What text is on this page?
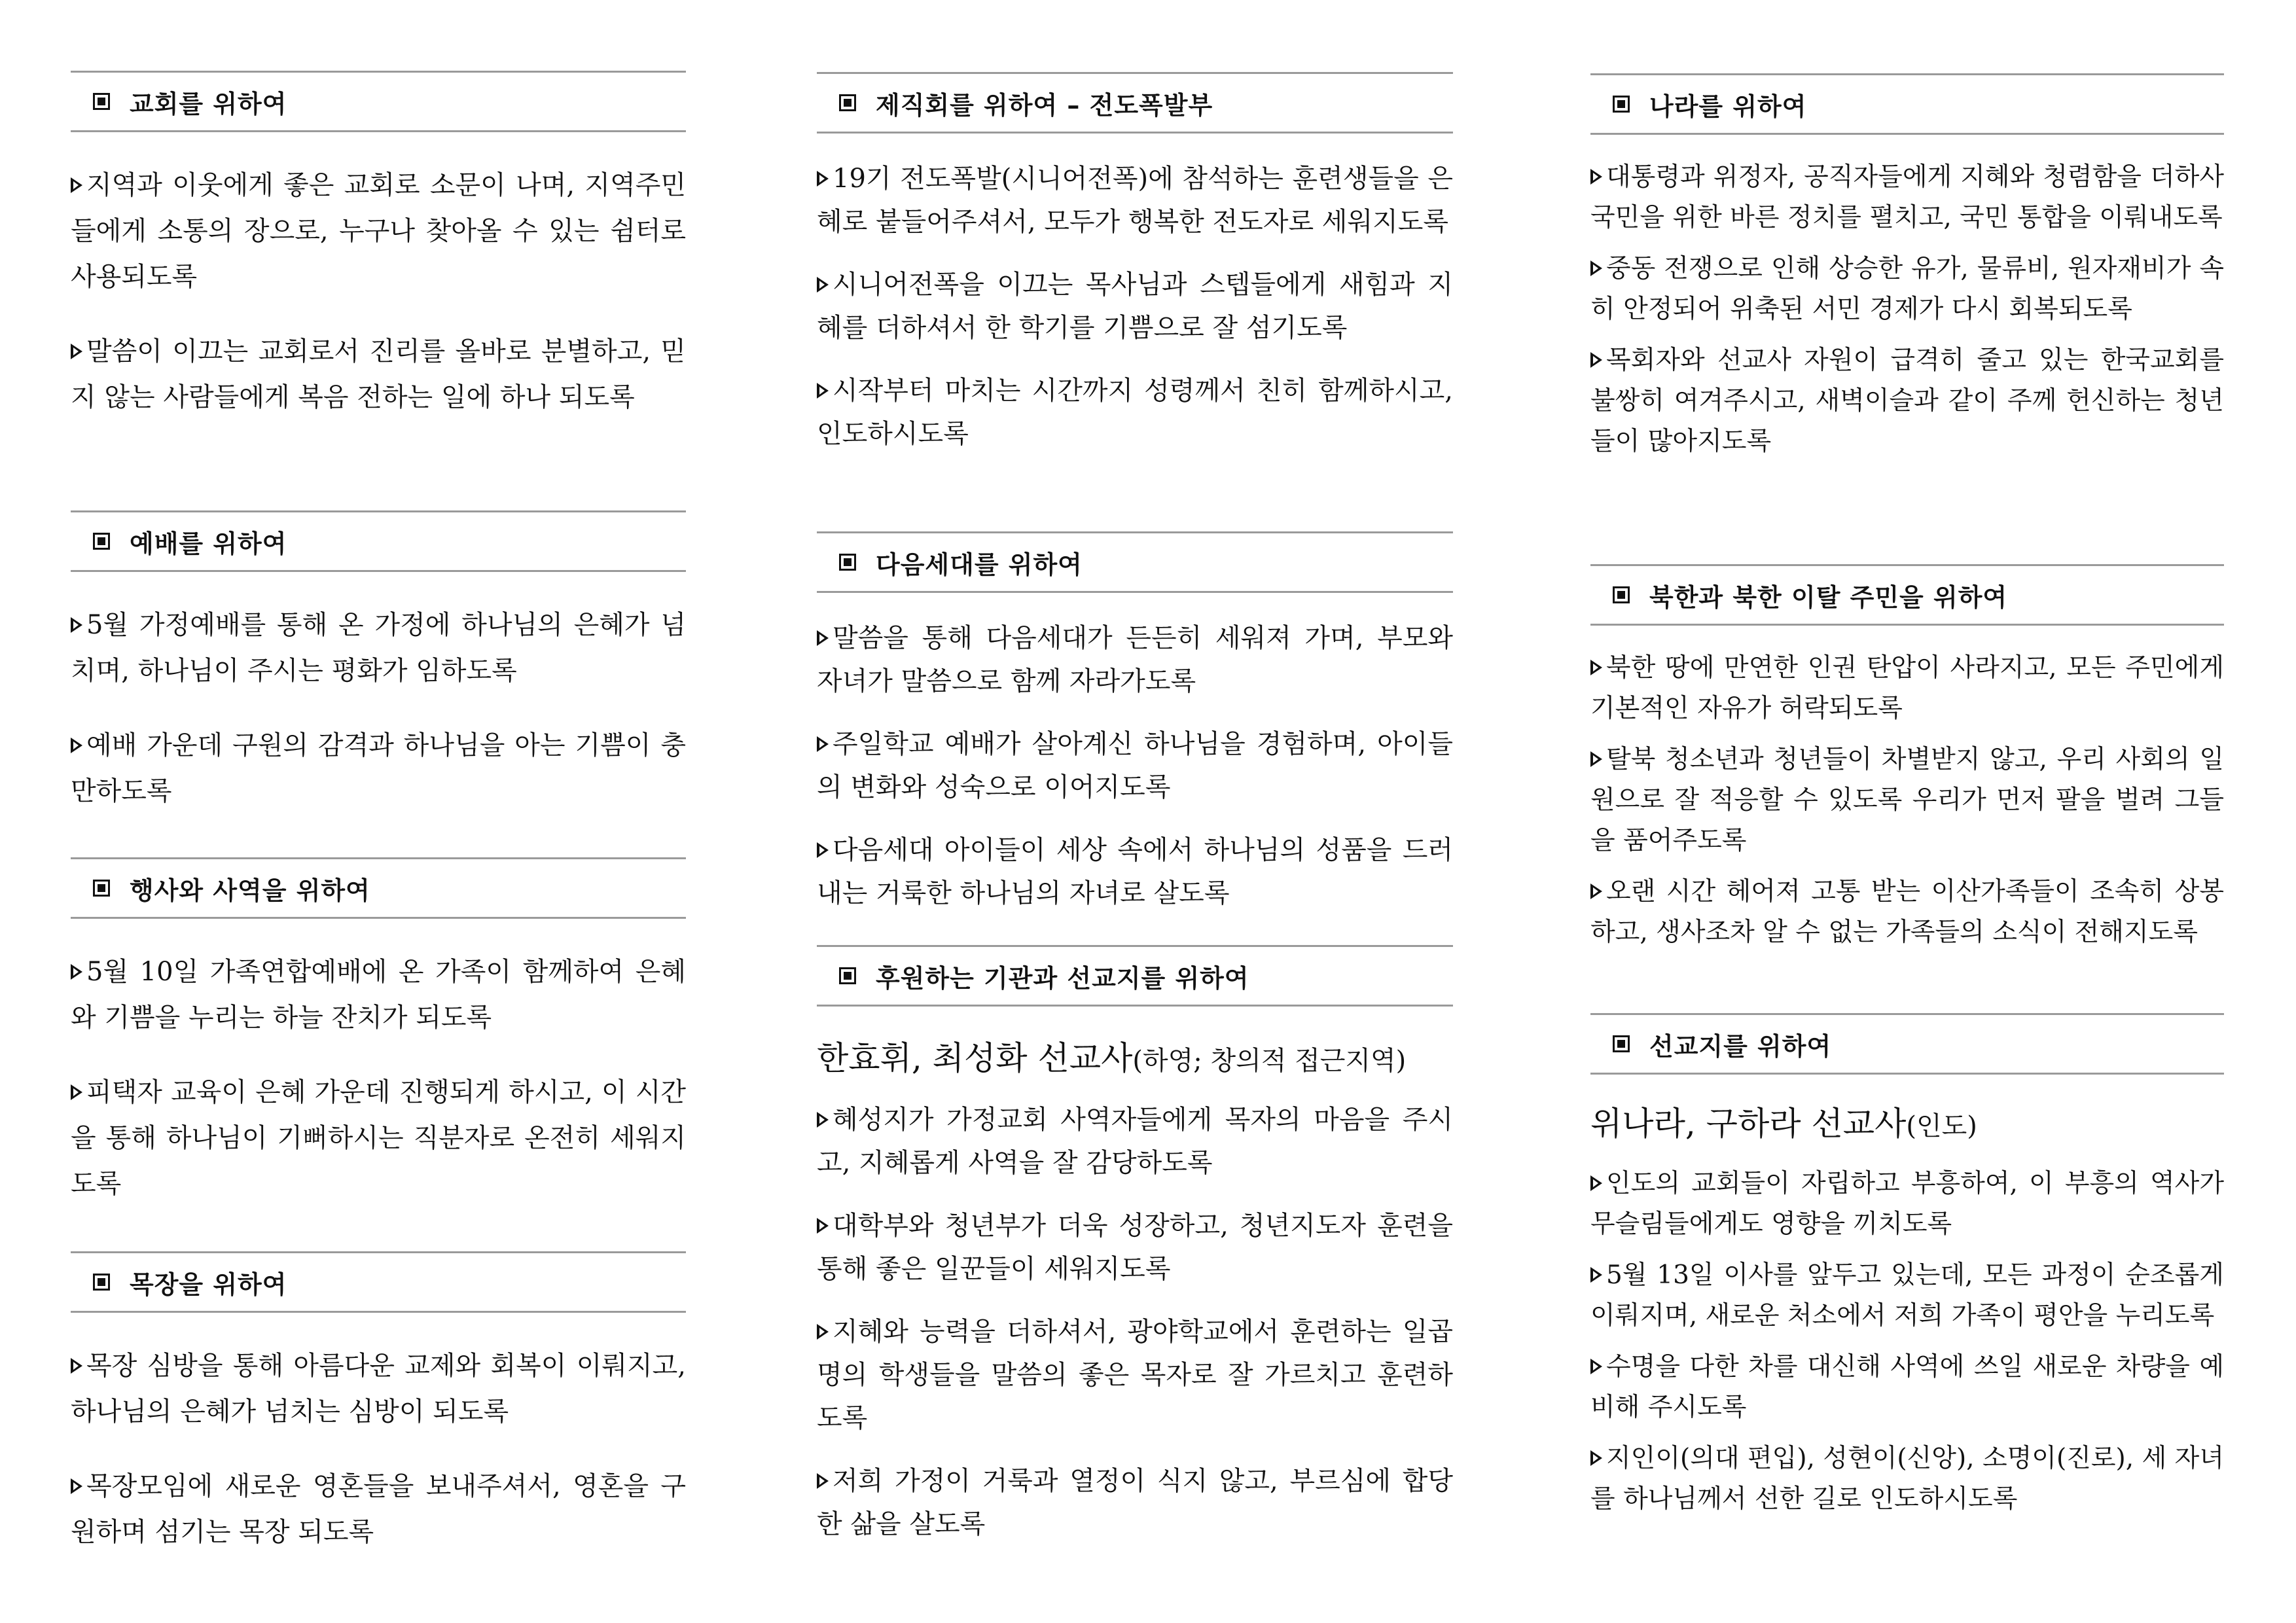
교회를 위하여

지역과 이웃에게 좋은 교회로 소문이 나며, 지역주민들에게 소통의 장으로, 누구나 찾아올 수 있는 쉼터로 사용되도록

말씀이 이끄는 교회로서 진리를 올바로 분별하고, 믿지 않는 사람들에게 복음 전하는 일에 하나 되도록

예배를 위하여

5월 가정예배를 통해 온 가정에 하나님의 은혜가 넘치며, 하나님이 주시는 평화가 임하도록

예배 가운데 구원의 감격과 하나님을 아는 기쁨이 충만하도록

행사와 사역을 위하여

5월 10일 가족연합예배에 온 가족이 함께하여 은혜와 기쁨을 누리는 하늘 잔치가 되도록

피택자 교육이 은혜 가운데 진행되게 하시고, 이 시간을 통해 하나님이 기뻐하시는 직분자로 온전히 세워지도록

목장을 위하여

목장 심방을 통해 아름다운 교제와 회복이 이뤄지고, 하나님의 은혜가 넘치는 심방이 되도록

목장모임에 새로운 영혼들을 보내주셔서, 영혼을 구원하며 섬기는 목장 되도록

제직회를 위하여 – 전도폭발부

19기 전도폭발(시니어전폭)에 참석하는 훈련생들을 은혜로 붙들어주셔서, 모두가 행복한 전도자로 세워지도록

시니어전폭을 이끄는 목사님과 스텝들에게 새힘과 지혜를 더하셔서 한 학기를 기쁨으로 잘 섬기도록

시작부터 마치는 시간까지 성령께서 친히 함께하시고, 인도하시도록

다음세대를 위하여

말씀을 통해 다음세대가 든든히 세워져 가며, 부모와 자녀가 말씀으로 함께 자라가도록

주일학교 예배가 살아계신 하나님을 경험하며, 아이들의 변화와 성숙으로 이어지도록

다음세대 아이들이 세상 속에서 하나님의 성품을 드러내는 거룩한 하나님의 자녀로 살도록

후원하는 기관과 선교지를 위하여

한효휘, 최성화 선교사(하영; 창의적 접근지역)

혜성지가 가정교회 사역자들에게 목자의 마음을 주시고, 지혜롭게 사역을 잘 감당하도록

대학부와 청년부가 더욱 성장하고, 청년지도자 훈련을 통해 좋은 일꾼들이 세워지도록

지혜와 능력을 더하셔서, 광야학교에서 훈련하는 일곱 명의 학생들을 말씀의 좋은 목자로 잘 가르치고 훈련하도록

저희 가정이 거룩과 열정이 식지 않고, 부르심에 합당한 삶을 살도록

나라를 위하여

대통령과 위정자, 공직자들에게 지혜와 청렴함을 더하사 국민을 위한 바른 정치를 펼치고, 국민 통합을 이뤄내도록

중동 전쟁으로 인해 상승한 유가, 물류비, 원자재비가 속히 안정되어 위축된 서민 경제가 다시 회복되도록

목회자와 선교사 자원이 급격히 줄고 있는 한국교회를 불쌍히 여겨주시고, 새벽이슬과 같이 주께 헌신하는 청년들이 많아지도록

북한과 북한 이탈 주민을 위하여

북한 땅에 만연한 인권 탄압이 사라지고, 모든 주민에게 기본적인 자유가 허락되도록

탈북 청소년과 청년들이 차별받지 않고, 우리 사회의 일원으로 잘 적응할 수 있도록 우리가 먼저 팔을 벌려 그들을 품어주도록

오랜 시간 헤어져 고통 받는 이산가족들이 조속히 상봉하고, 생사조차 알 수 없는 가족들의 소식이 전해지도록

선교지를 위하여

위나라, 구하라 선교사(인도)

인도의 교회들이 자립하고 부흥하여, 이 부흥의 역사가 무슬림들에게도 영향을 끼치도록

5월 13일 이사를 앞두고 있는데, 모든 과정이 순조롭게 이뤄지며, 새로운 처소에서 저희 가족이 평안을 누리도록

수명을 다한 차를 대신해 사역에 쓰일 새로운 차량을 예비해 주시도록

지인이(의대 편입), 성현이(신앙), 소명이(진로), 세 자녀를 하나님께서 선한 길로 인도하시도록
